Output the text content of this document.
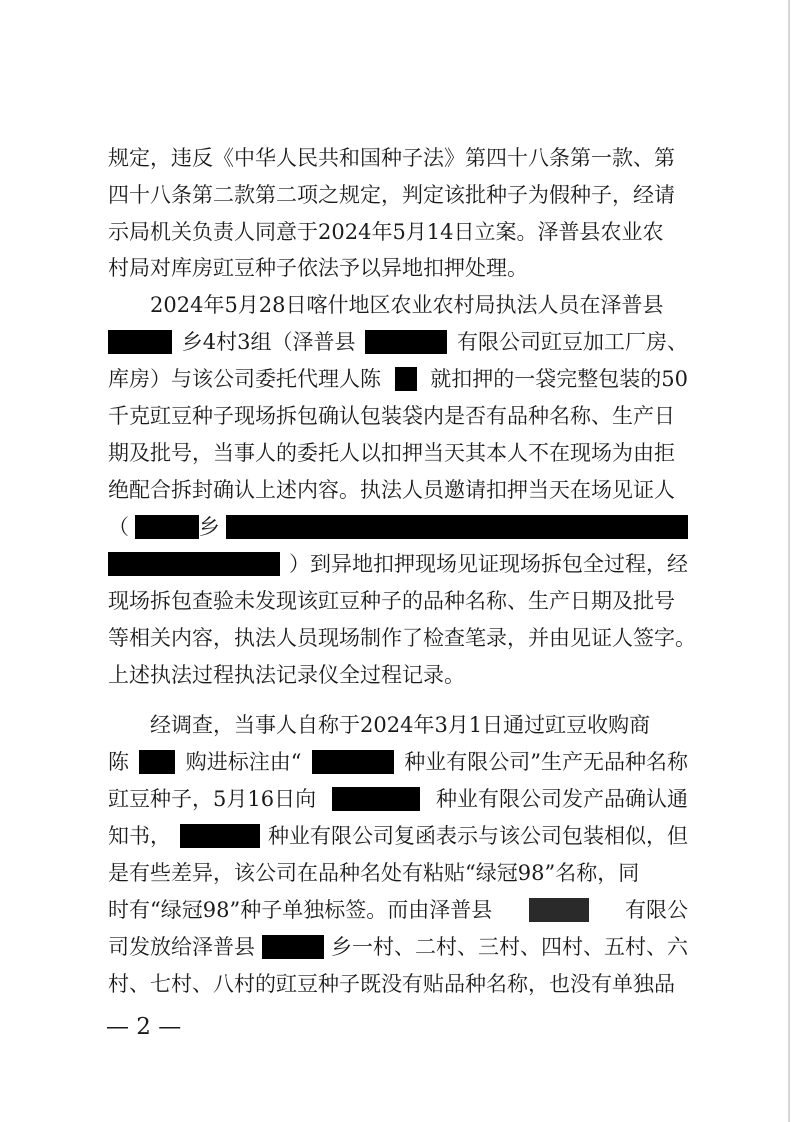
规定，违反《中华人民共和国种子法》第四十八条第一款、第
四十八条第二款第二项之规定，判定该批种子为假种子，经请
示局机关负责人同意于2024年5月14日立案。泽普县农业农
村局对库房豇豆种子依法予以异地扣押处理。
2024年5月28日喀什地区农业农村局执法人员在泽普县
乡4村3组（泽普县	有限公司豇豆加工厂房、
库房）与该公司委托代理人陈 就扣押的一袋完整包装的50
千克豇豆种子现场拆包确认包装袋内是否有品种名称、生产日
期及批号，当事人的委托人以扣押当天其本人不在现场为由拒
绝配合拆封确认上述内容。执法人员邀请扣押当天在场见证人
（	乡
）到异地扣押现场见证现场拆包全过程，经
现场拆包查验未发现该豇豆种子的品种名称、生产日期及批号
等相关内容，执法人员现场制作了检查笔录，并由见证人签字。
上述执法过程执法记录仪全过程记录。
经调查，当事人自称于2024年3月1日通过豇豆收购商
陈	购进标注由“	种业有限公司”生产无品种名称
豇豆种子，5月16日向	种业有限公司发产品确认通
知书，	种业有限公司复函表示与该公司包装相似，但
是有些差异，该公司在品种名处有粘贴“绿冠98”名称，同
时有“绿冠98”种子单独标签。而由泽普县	有限公
司发放给泽普县	乡一村、二村、三村、四村、五村、六
村、七村、八村的豇豆种子既没有贴品种名称，也没有单独品
— 2 —
